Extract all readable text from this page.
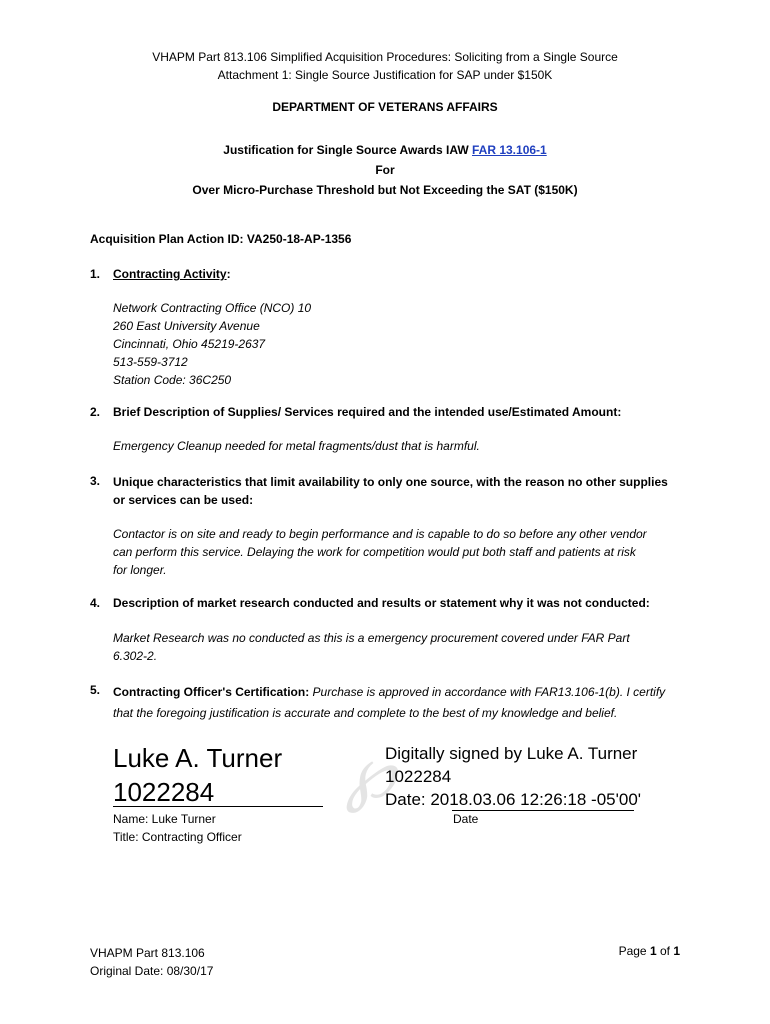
VHAPM Part 813.106 Simplified Acquisition Procedures: Soliciting from a Single Source
Attachment 1: Single Source Justification for SAP under $150K
DEPARTMENT OF VETERANS AFFAIRS
Justification for Single Source Awards IAW FAR 13.106-1
For
Over Micro-Purchase Threshold but Not Exceeding the SAT ($150K)
Acquisition Plan Action ID: VA250-18-AP-1356
1. Contracting Activity:
Network Contracting Office (NCO) 10
260 East University Avenue
Cincinnati, Ohio 45219-2637
513-559-3712
Station Code: 36C250
2. Brief Description of Supplies/ Services required and the intended use/Estimated Amount:
Emergency Cleanup needed for metal fragments/dust that is harmful.
3. Unique characteristics that limit availability to only one source, with the reason no other supplies
or services can be used:
Contactor is on site and ready to begin performance and is capable to do so before any other vendor
can perform this service. Delaying the work for competition would put both staff and patients at risk
for longer.
4. Description of market research conducted and results or statement why it was not conducted:
Market Research was no conducted as this is a emergency procurement covered under FAR Part
6.302-2.
5. Contracting Officer's Certification: Purchase is approved in accordance with FAR13.106-1(b). I certify
that the foregoing justification is accurate and complete to the best of my knowledge and belief.
℘
Luke A. Turner
1022284
Digitally signed by Luke A. Turner
1022284
Date: 2018.03.06 12:26:18 -05'00'
Name: Luke Turner
Title: Contracting Officer
Date
VHAPM Part 813.106
Original Date: 08/30/17
Page 1 of 1
